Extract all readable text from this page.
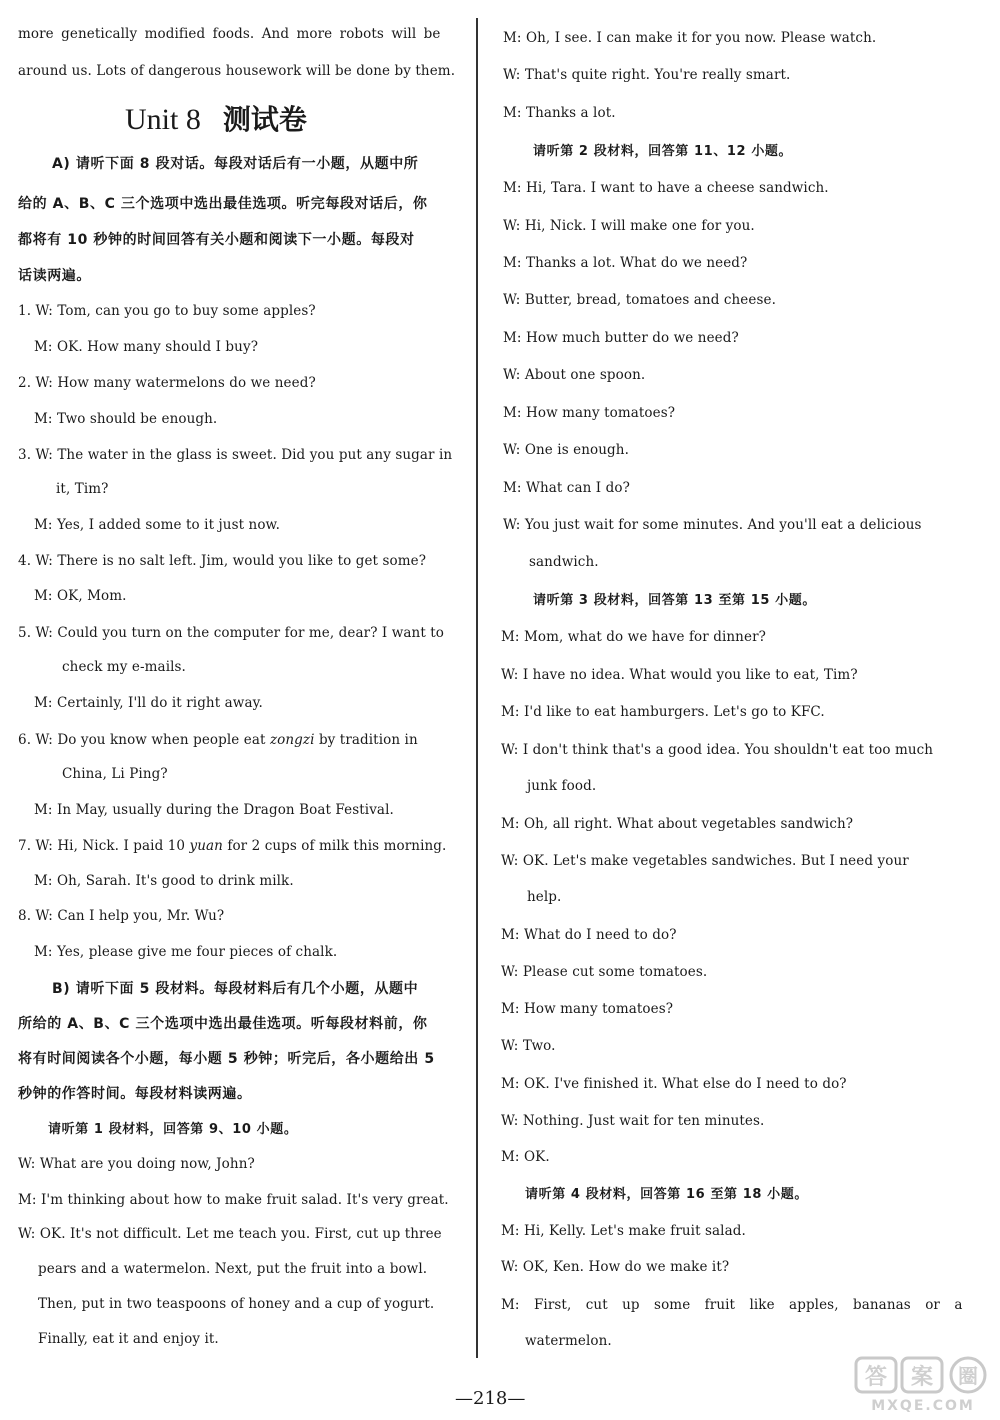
more genetically modified foods. And more robots will be
around us. Lots of dangerous housework will be done by them.
Unit 8 测试卷
A) 请听下面 8 段对话。每段对话后有一小题，从题中所
给的 A、B、C 三个选项中选出最佳选项。听完每段对话后，你
都将有 10 秒钟的时间回答有关小题和阅读下一小题。每段对
话读两遍。
1. W: Tom, can you go to buy some apples?
M: OK. How many should I buy?
2. W: How many watermelons do we need?
M: Two should be enough.
3. W: The water in the glass is sweet. Did you put any sugar in
it, Tim?
M: Yes, I added some to it just now.
4. W: There is no salt left. Jim, would you like to get some?
M: OK, Mom.
5. W: Could you turn on the computer for me, dear? I want to
check my e-mails.
M: Certainly, I'll do it right away.
6. W: Do you know when people eat zongzi by tradition in
China, Li Ping?
M: In May, usually during the Dragon Boat Festival.
7. W: Hi, Nick. I paid 10 yuan for 2 cups of milk this morning.
M: Oh, Sarah. It's good to drink milk.
8. W: Can I help you, Mr. Wu?
M: Yes, please give me four pieces of chalk.
B) 请听下面 5 段材料。每段材料后有几个小题，从题中
所给的 A、B、C 三个选项中选出最佳选项。听每段材料前，你
将有时间阅读各个小题，每小题 5 秒钟；听完后，各小题给出 5
秒钟的作答时间。每段材料读两遍。
请听第 1 段材料，回答第 9、10 小题。
W: What are you doing now, John?
M: I'm thinking about how to make fruit salad. It's very great.
W: OK. It's not difficult. Let me teach you. First, cut up three
pears and a watermelon. Next, put the fruit into a bowl.
Then, put in two teaspoons of honey and a cup of yogurt.
Finally, eat it and enjoy it.
M: Oh, I see. I can make it for you now. Please watch.
W: That's quite right. You're really smart.
M: Thanks a lot.
请听第 2 段材料，回答第 11、12 小题。
M: Hi, Tara. I want to have a cheese sandwich.
W: Hi, Nick. I will make one for you.
M: Thanks a lot. What do we need?
W: Butter, bread, tomatoes and cheese.
M: How much butter do we need?
W: About one spoon.
M: How many tomatoes?
W: One is enough.
M: What can I do?
W: You just wait for some minutes. And you'll eat a delicious
sandwich.
请听第 3 段材料，回答第 13 至第 15 小题。
M: Mom, what do we have for dinner?
W: I have no idea. What would you like to eat, Tim?
M: I'd like to eat hamburgers. Let's go to KFC.
W: I don't think that's a good idea. You shouldn't eat too much
junk food.
M: Oh, all right. What about vegetables sandwich?
W: OK. Let's make vegetables sandwiches. But I need your
help.
M: What do I need to do?
W: Please cut some tomatoes.
M: How many tomatoes?
W: Two.
M: OK. I've finished it. What else do I need to do?
W: Nothing. Just wait for ten minutes.
M: OK.
请听第 4 段材料，回答第 16 至第 18 小题。
M: Hi, Kelly. Let's make fruit salad.
W: OK, Ken. How do we make it?
M: First, cut up some fruit like apples, bananas or a
watermelon.
—218—
答 案 圈
MXQE.COM
